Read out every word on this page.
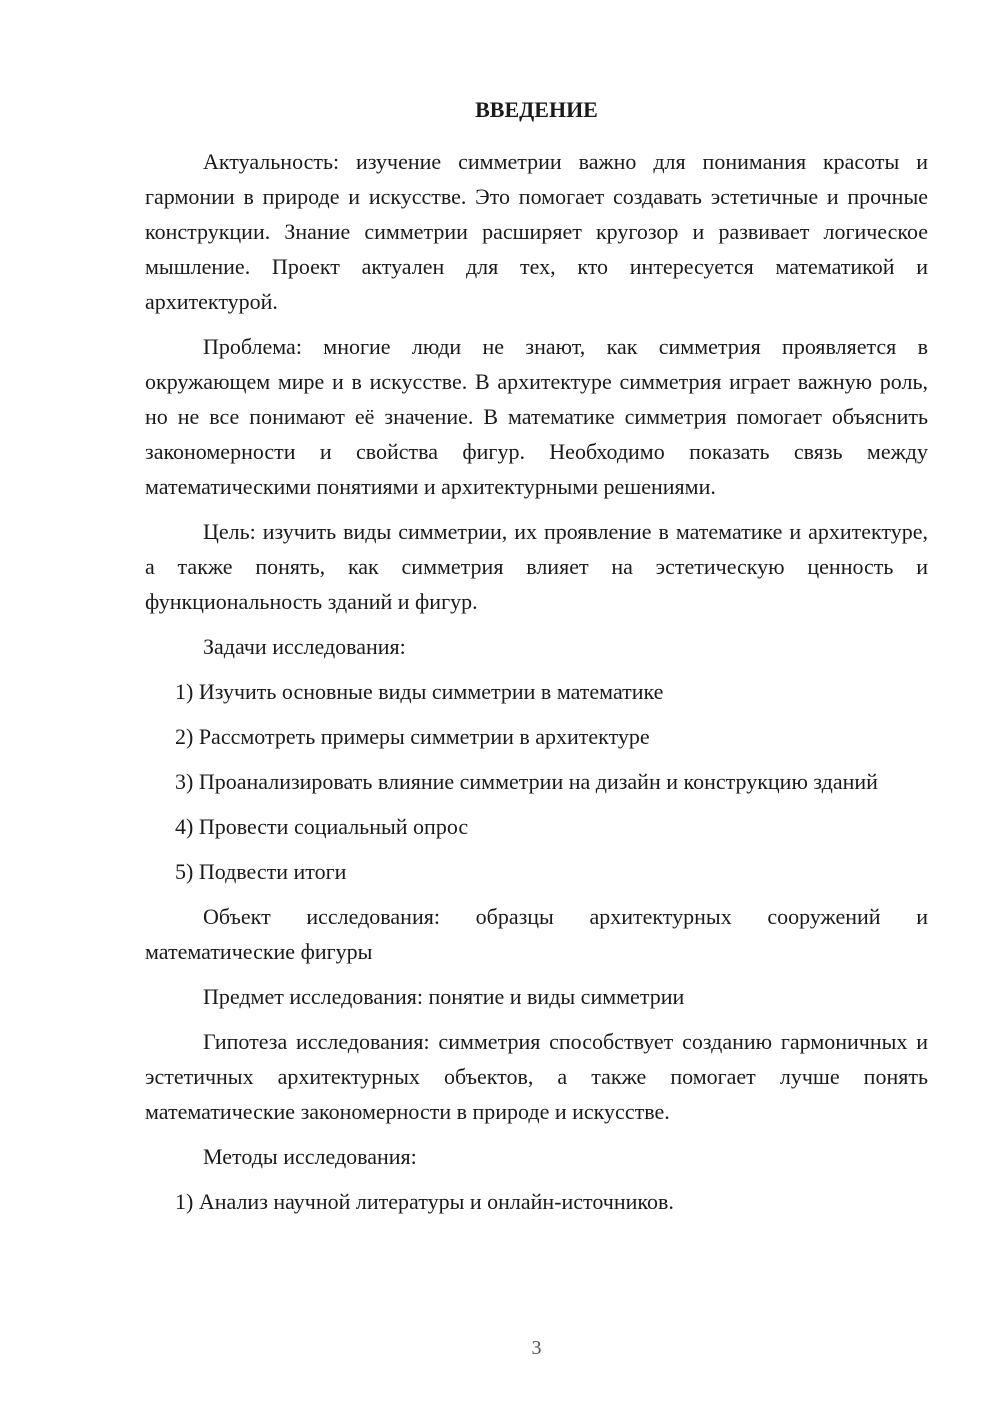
ВВЕДЕНИЕ

Актуальность: изучение симметрии важно для понимания красоты и гармонии в природе и искусстве. Это помогает создавать эстетичные и прочные конструкции. Знание симметрии расширяет кругозор и развивает логическое мышление. Проект актуален для тех, кто интересуется математикой и архитектурой.

Проблема: многие люди не знают, как симметрия проявляется в окружающем мире и в искусстве. В архитектуре симметрия играет важную роль, но не все понимают её значение. В математике симметрия помогает объяснить закономерности и свойства фигур. Необходимо показать связь между математическими понятиями и архитектурными решениями.

Цель: изучить виды симметрии, их проявление в математике и архитектуре, а также понять, как симметрия влияет на эстетическую ценность и функциональность зданий и фигур.

Задачи исследования:

1) Изучить основные виды симметрии в математике

2) Рассмотреть примеры симметрии в архитектуре

3) Проанализировать влияние симметрии на дизайн и конструкцию зданий

4) Провести социальный опрос

5) Подвести итоги

Объект исследования: образцы архитектурных сооружений и математические фигуры

Предмет исследования: понятие и виды симметрии

Гипотеза исследования: симметрия способствует созданию гармоничных и эстетичных архитектурных объектов, а также помогает лучше понять математические закономерности в природе и искусстве.

Методы исследования:

1) Анализ научной литературы и онлайн-источников.

3
